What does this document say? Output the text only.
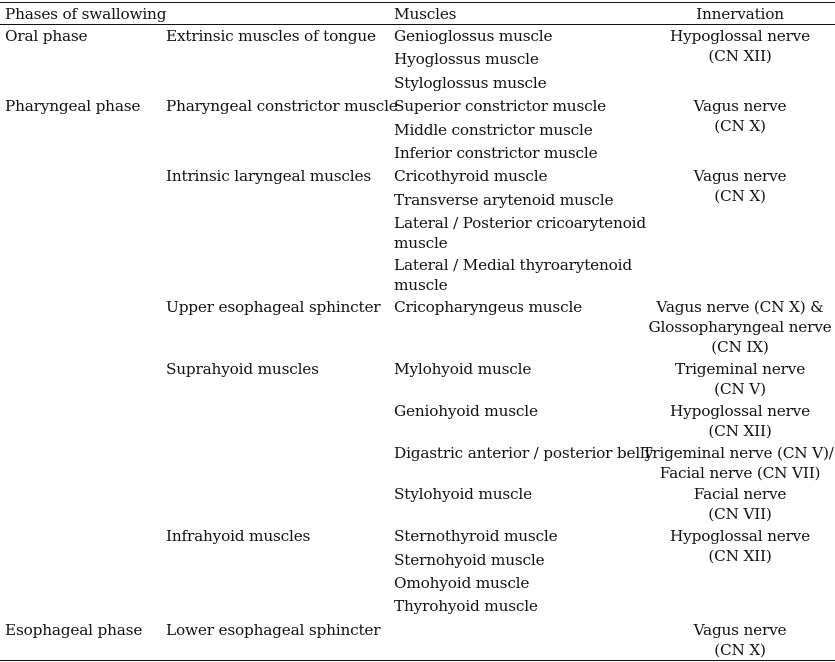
Phases of swallowing	Muscles	Innervation
Oral phase
Pharyngeal phase
Esophageal phase
Extrinsic muscles of tongue
Pharyngeal constrictor muscle
Intrinsic laryngeal muscles
Upper esophageal sphincter
Suprahyoid muscles
Infrahyoid muscles
Lower esophageal sphincter
Genioglossus muscle
Hyoglossus muscle
Styloglossus muscle
Superior constrictor muscle
Middle constrictor muscle
Inferior constrictor muscle
Cricothyroid muscle
Transverse arytenoid muscle
Lateral / Posterior cricoarytenoid
muscle
Lateral / Medial thyroarytenoid
muscle
Cricopharyngeus muscle
Mylohyoid muscle
Geniohyoid muscle
Digastric anterior / posterior belly
Stylohyoid muscle
Sternothyroid muscle
Sternohyoid muscle
Omohyoid muscle
Thyrohyoid muscle
Hypoglossal nerve
(CN XII)
Vagus nerve
(CN X)
Vagus nerve
(CN X)
Vagus nerve (CN X) &
Glossopharyngeal nerve
(CN IX)
Trigeminal nerve
(CN V)
Hypoglossal nerve
(CN XII)
Trigeminal nerve (CN V)/
Facial nerve (CN VII)
Facial nerve
(CN VII)
Hypoglossal nerve
(CN XII)
Vagus nerve
(CN X)
